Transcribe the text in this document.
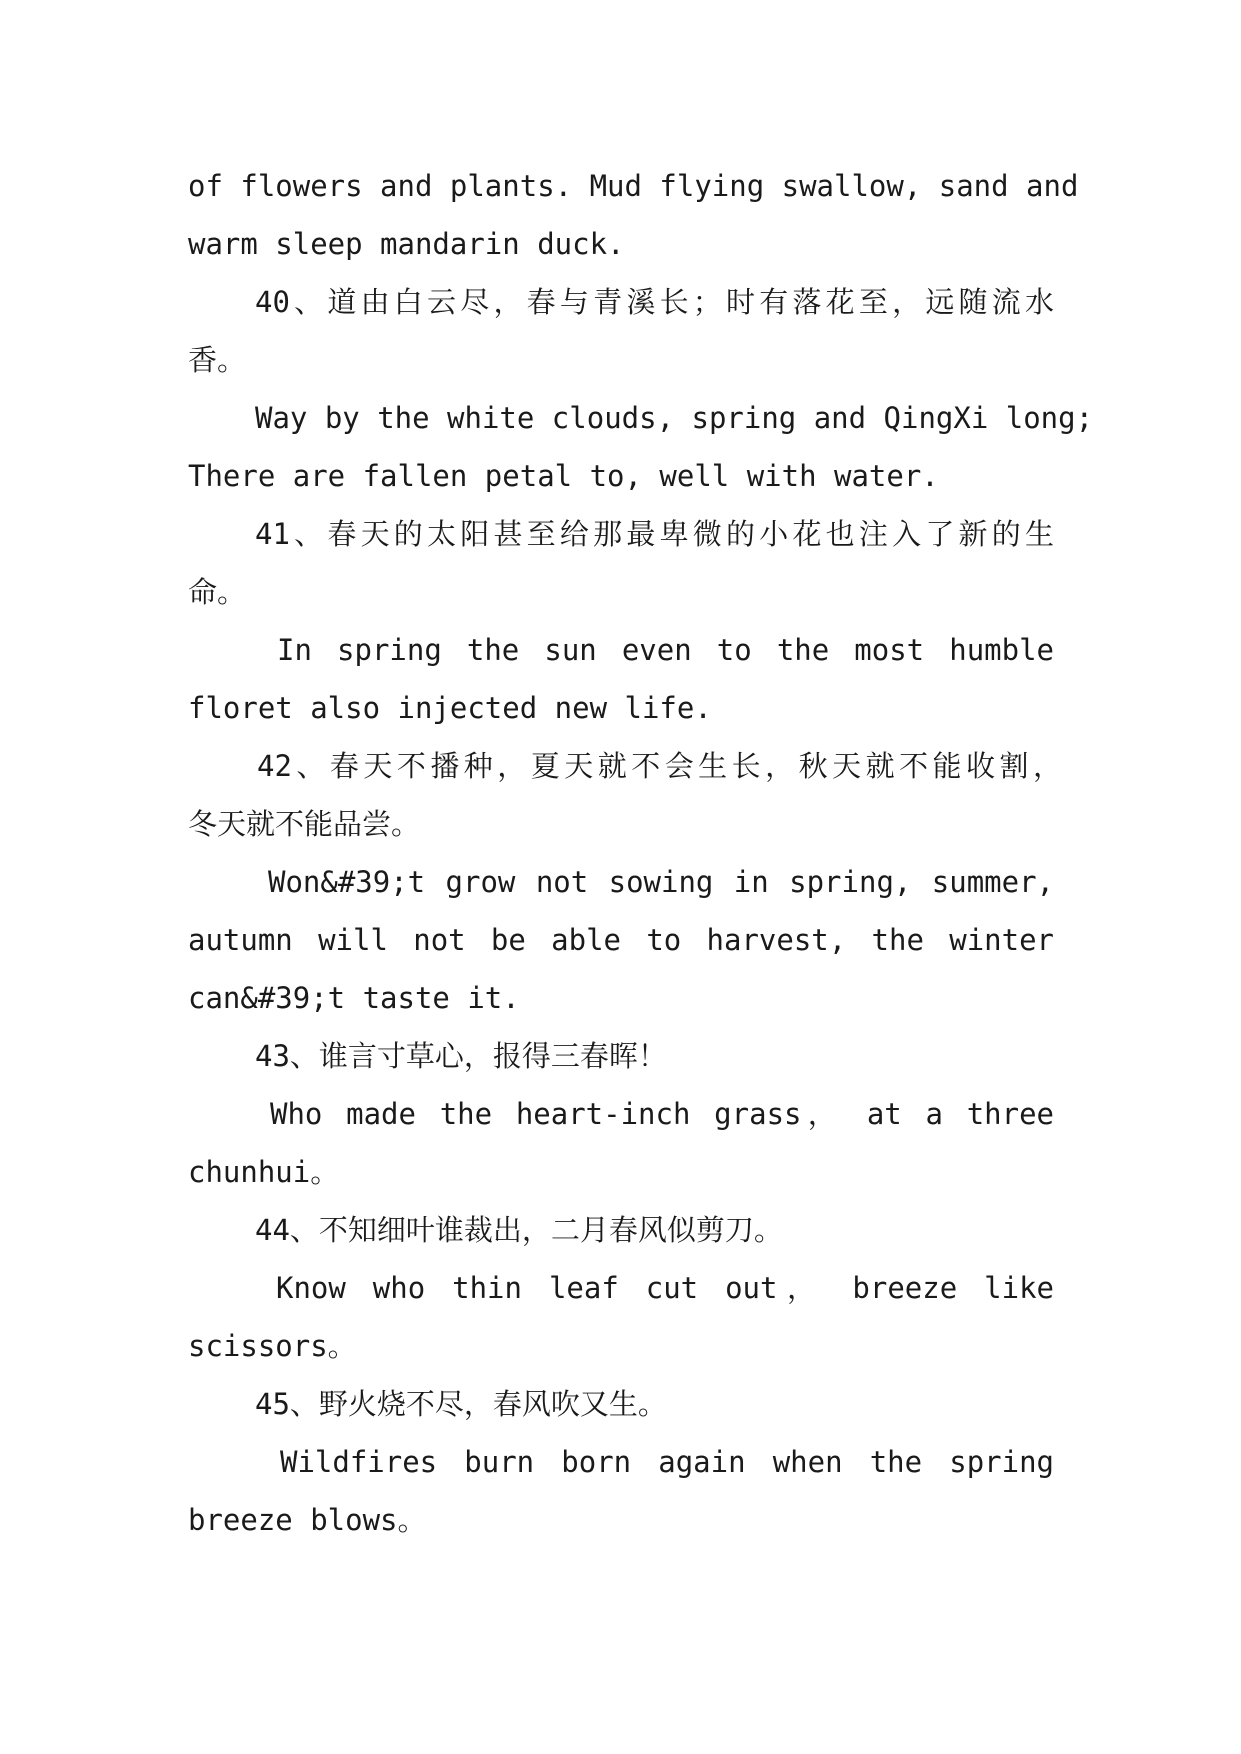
of flowers and plants. Mud flying swallow, sand and
warm sleep mandarin duck.
40、道由白云尽，春与青溪长；时有落花至，远随流水
香。
Way by the white clouds, spring and QingXi long;
There are fallen petal to, well with water.
41、春天的太阳甚至给那最卑微的小花也注入了新的生
命。
In spring the sun even to the most humble
floret also injected new life.
42、春天不播种，夏天就不会生长，秋天就不能收割，
冬天就不能品尝。
Won&#39;t grow not sowing in spring, summer,
autumn will not be able to harvest, the winter
can&#39;t taste it.
43、谁言寸草心，报得三春晖！
Who made the heart-inch grass， at a three
chunhui。
44、不知细叶谁裁出，二月春风似剪刀。
Know who thin leaf cut out， breeze like
scissors。
45、野火烧不尽，春风吹又生。
Wildfires burn born again when the spring
breeze blows。
